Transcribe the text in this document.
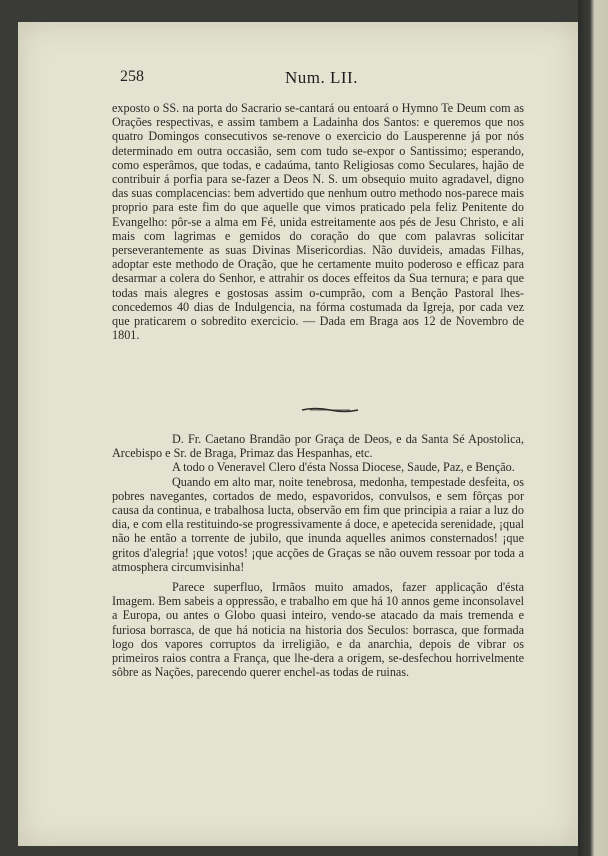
258	Num. LII.

exposto o SS. na porta do Sacrario se-cantará ou entoará o Hymno Te Deum com as Orações respectivas, e assim tambem a Ladainha dos Santos: e queremos que nos quatro Domingos consecutivos se-renove o exercicio do Lausperenne já por nós determinado em outra occasião, sem com tudo se-expor o Santissimo; esperando, como esperâmos, que todas, e cadaúma, tanto Religiosas como Seculares, hajão de contribuir á porfia para se-fazer a Deos N. S. um obsequio muito agradavel, digno das suas complacencias: bem advertido que nenhum outro methodo nos-parece mais proprio para este fim do que aquelle que vimos praticado pela feliz Penitente do Evangelho: pôr-se a alma em Fé, unida estreitamente aos pés de Jesu Christo, e ali mais com lagrimas e gemidos do coração do que com palavras solicitar perseverantemente as suas Divinas Misericordias. Não duvideis, amadas Filhas, adoptar este methodo de Oração, que he certamente muito poderoso e efficaz para desarmar a colera do Senhor, e attrahir os doces effeitos da Sua ternura; e para que todas mais alegres e gostosas assim o-cumprão, com a Benção Pastoral lhes-concedemos 40 dias de Indulgencia, na fórma costumada da Igreja, por cada vez que praticarem o sobredito exercicio. — Dada em Braga aos 12 de Novembro de 1801.

D. Fr. Caetano Brandão por Graça de Deos, e da Santa Sé Apostolica, Arcebispo e Sr. de Braga, Primaz das Hespanhas, etc.

A todo o Veneravel Clero d'ésta Nossa Diocese, Saude, Paz, e Benção.

Quando em alto mar, noite tenebrosa, medonha, tempestade desfeita, os pobres navegantes, cortados de medo, espavoridos, convulsos, e sem fôrças por causa da continua, e trabalhosa lucta, observão em fim que principia a raiar a luz do dia, e com ella restituindo-se progressivamente á doce, e apetecida serenidade, ¡qual não he então a torrente de jubilo, que inunda aquelles animos consternados! ¡que gritos d'alegria! ¡que votos! ¡que acções de Graças se não ouvem ressoar por toda a atmosphera circumvisinha!

Parece superfluo, Irmãos muito amados, fazer applicação d'ésta Imagem. Bem sabeis a oppressão, e trabalho em que há 10 annos geme inconsolavel a Europa, ou antes o Globo quasi inteiro, vendo-se atacado da mais tremenda e furiosa borrasca, de que há noticia na historia dos Seculos: borrasca, que formada logo dos vapores corruptos da irreligião, e da anarchia, depois de vibrar os primeiros raios contra a França, que lhe-dera a origem, se-desfechou horrivelmente sôbre as Nações, parecendo querer enchel-as todas de ruinas.
